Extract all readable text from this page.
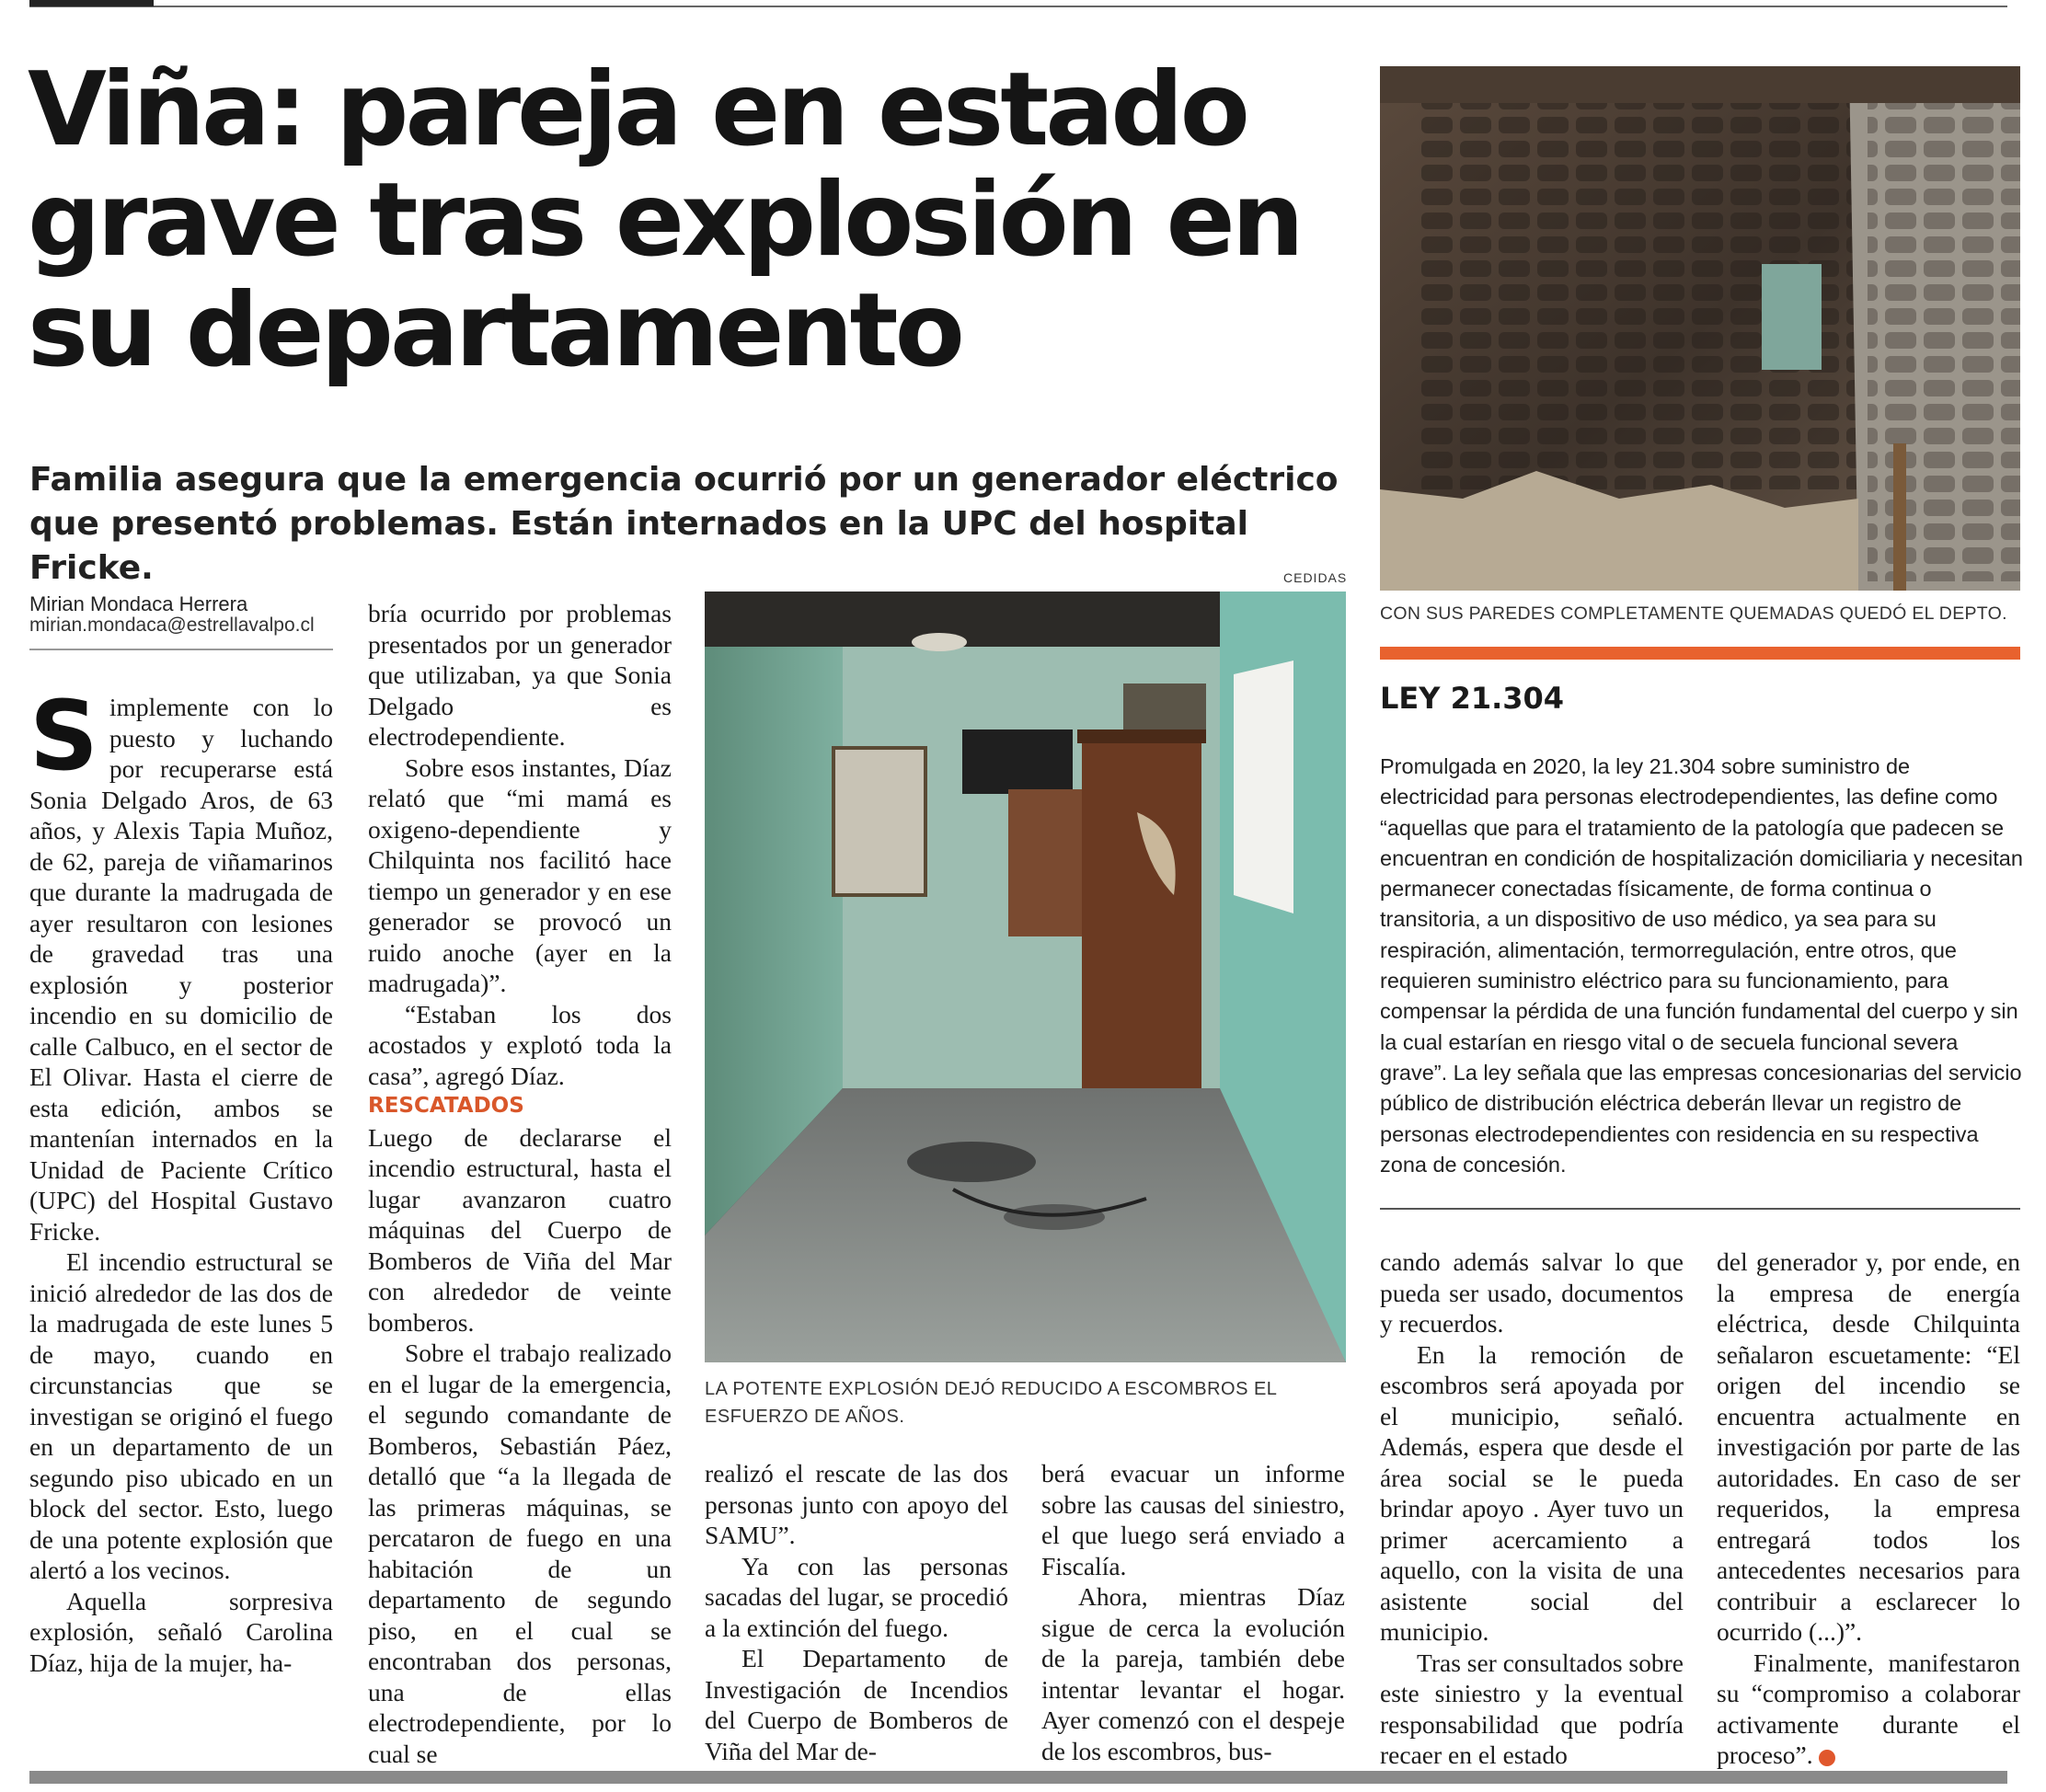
Viña: pareja en estado grave tras explosión en su departamento

Familia asegura que la emergencia ocurrió por un generador eléctrico que presentó problemas. Están internados en la UPC del hospital Fricke.

Mirian Mondaca Herrera
mirian.mondaca@estrellavalpo.cl

Simplemente con lo puesto y luchando por recuperarse está Sonia Delgado Aros, de 63 años, y Alexis Tapia Muñoz, de 62, pareja de viñamarinos que durante la madrugada de ayer resultaron con lesiones de gravedad tras una explosión y posterior incendio en su domicilio de calle Calbuco, en el sector de El Olivar. Hasta el cierre de esta edición, ambos se mantenían internados en la Unidad de Paciente Crítico (UPC) del Hospital Gustavo Fricke.

El incendio estructural se inició alrededor de las dos de la madrugada de este lunes 5 de mayo, cuando en circunstancias que se investigan se originó el fuego en un departamento de un segundo piso ubicado en un block del sector. Esto, luego de una potente explosión que alertó a los vecinos.

Aquella sorpresiva explosión, señaló Carolina Díaz, hija de la mujer, ha-

bría ocurrido por problemas presentados por un generador que utilizaban, ya que Sonia Delgado es electrodependiente.

Sobre esos instantes, Díaz relató que “mi mamá es oxigeno-dependiente y Chilquinta nos facilitó hace tiempo un generador y en ese generador se provocó un ruido anoche (ayer en la madrugada)”.

“Estaban los dos acostados y explotó toda la casa”, agregó Díaz.

RESCATADOS

Luego de declararse el incendio estructural, hasta el lugar avanzaron cuatro máquinas del Cuerpo de Bomberos de Viña del Mar con alrededor de veinte bomberos.

Sobre el trabajo realizado en el lugar de la emergencia, el segundo comandante de Bomberos, Sebastián Páez, detalló que “a la llegada de las primeras máquinas, se percataron de fuego en una habitación de un departamento de segundo piso, en el cual se encontraban dos personas, una de ellas electrodependiente, por lo cual se

CEDIDAS
LA POTENTE EXPLOSIÓN DEJÓ REDUCIDO A ESCOMBROS EL ESFUERZO DE AÑOS.

realizó el rescate de las dos personas junto con apoyo del SAMU”.

Ya con las personas sacadas del lugar, se procedió a la extinción del fuego.

El Departamento de Investigación de Incendios del Cuerpo de Bomberos de Viña del Mar de-

berá evacuar un informe sobre las causas del siniestro, el que luego será enviado a Fiscalía.

Ahora, mientras Díaz sigue de cerca la evolución de la pareja, también debe intentar levantar el hogar. Ayer comenzó con el despeje de los escombros, bus-

CON SUS PAREDES COMPLETAMENTE QUEMADAS QUEDÓ EL DEPTO.
LEY 21.304

Promulgada en 2020, la ley 21.304 sobre suministro de electricidad para personas electrodependientes, las define como “aquellas que para el tratamiento de la patología que padecen se encuentran en condición de hospitalización domiciliaria y necesitan permanecer conectadas físicamente, de forma continua o transitoria, a un dispositivo de uso médico, ya sea para su respiración, alimentación, termorregulación, entre otros, que requieren suministro eléctrico para su funcionamiento, para compensar la pérdida de una función fundamental del cuerpo y sin la cual estarían en riesgo vital o de secuela funcional severa grave”. La ley señala que las empresas concesionarias del servicio público de distribución eléctrica deberán llevar un registro de personas electrodependientes con residencia en su respectiva zona de concesión.

cando además salvar lo que pueda ser usado, documentos y recuerdos.

En la remoción de escombros será apoyada por el municipio, señaló. Además, espera que desde el área social se le pueda brindar apoyo . Ayer tuvo un primer acercamiento a aquello, con la visita de una asistente social del municipio.

Tras ser consultados sobre este siniestro y la eventual responsabilidad que podría recaer en el estado

del generador y, por ende, en la empresa de energía eléctrica, desde Chilquinta señalaron escuetamente: “El origen del incendio se encuentra actualmente en investigación por parte de las autoridades. En caso de ser requeridos, la empresa entregará todos los antecedentes necesarios para contribuir a esclarecer lo ocurrido (...)”.

Finalmente, manifestaron su “compromiso a colaborar activamente durante el proceso”.	✿
